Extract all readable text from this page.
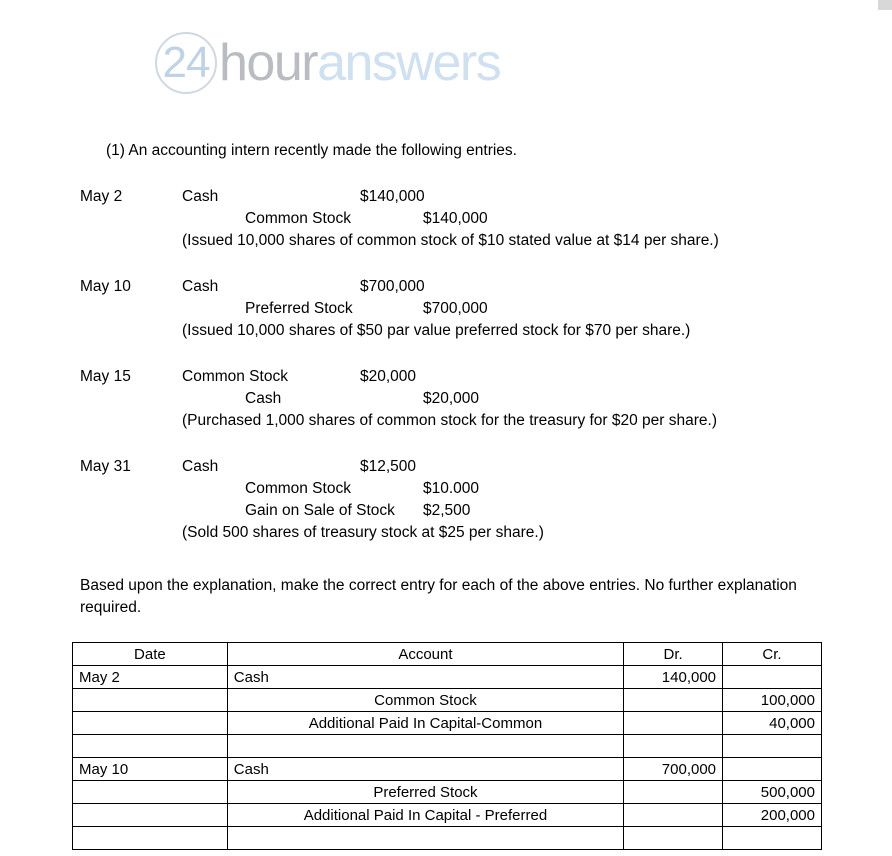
24 hour answers
(1) An accounting intern recently made the following entries.
May 2	Cash	$140,000
Common Stock	$140,000
(Issued 10,000 shares of common stock of $10 stated value at $14 per share.)
May 10	Cash	$700,000
Preferred Stock	$700,000
(Issued 10,000 shares of $50 par value preferred stock for $70 per share.)
May 15	Common Stock	$20,000
Cash	$20,000
(Purchased 1,000 shares of common stock for the treasury for $20 per share.)
May 31	Cash	$12,500
Common Stock	$10.000
Gain on Sale of Stock	$2,500
(Sold 500 shares of treasury stock at $25 per share.)
Based upon the explanation, make the correct entry for each of the above entries. No further explanation required.
Date	Account	Dr.	Cr.
May 2	Cash	140,000	
	Common Stock		100,000
	Additional Paid In Capital-Common		40,000

May 10	Cash	700,000	
	Preferred Stock		500,000
	Additional Paid In Capital - Preferred		200,000
